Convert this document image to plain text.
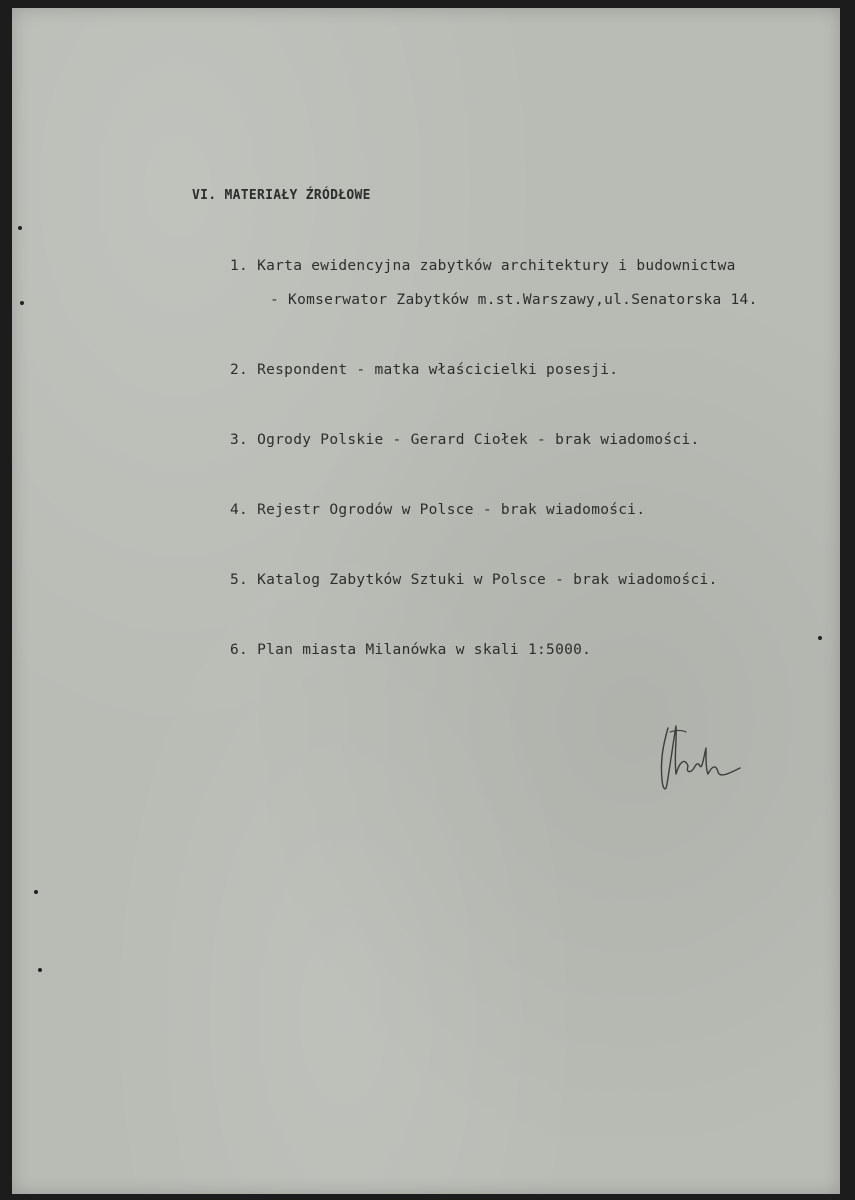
VI. MATERIAŁY ŹRÓDŁOWE
1. Karta ewidencyjna zabytków architektury i budownictwa
- Komserwator Zabytków m.st.Warszawy,ul.Senatorska 14.
2. Respondent - matka właścicielki posesji.
3. Ogrody Polskie - Gerard Ciołek - brak wiadomości.
4. Rejestr Ogrodów w Polsce - brak wiadomości.
5. Katalog Zabytków Sztuki w Polsce - brak wiadomości.
6. Plan miasta Milanówka w skali 1:5000.
